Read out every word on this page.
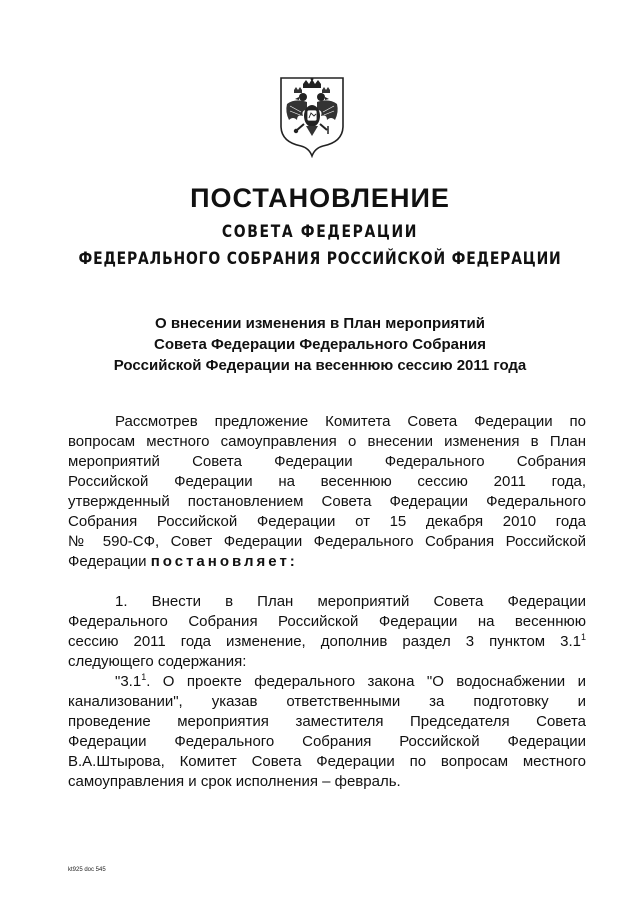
ПОСТАНОВЛЕНИЕ
СОВЕТА ФЕДЕРАЦИИ
ФЕДЕРАЛЬНОГО СОБРАНИЯ РОССИЙСКОЙ ФЕДЕРАЦИИ
О внесении изменения в План мероприятий
Совета Федерации Федерального Собрания
Российской Федерации на весеннюю сессию 2011 года
Рассмотрев предложение Комитета Совета Федерации по
вопросам местного самоуправления о внесении изменения в План
мероприятий Совета Федерации Федерального Собрания
Российской Федерации на весеннюю сессию 2011 года,
утвержденный постановлением Совета Федерации Федерального
Собрания Российской Федерации от 15 декабря 2010 года
№ 590-СФ, Совет Федерации Федерального Собрания Российской
Федерации постановляет:
1. Внести в План мероприятий Совета Федерации
Федерального Собрания Российской Федерации на весеннюю
сессию 2011 года изменение, дополнив раздел 3 пунктом $3.1^1$
следующего содержания:
"$3.1^1$. О проекте федерального закона "О водоснабжении и
канализовании", указав ответственными за подготовку и
проведение мероприятия заместителя Председателя Совета
Федерации Федерального Собрания Российской Федерации
В.А.Штырова, Комитет Совета Федерации по вопросам местного
самоуправления и срок исполнения – февраль.
kt925 doc 545
